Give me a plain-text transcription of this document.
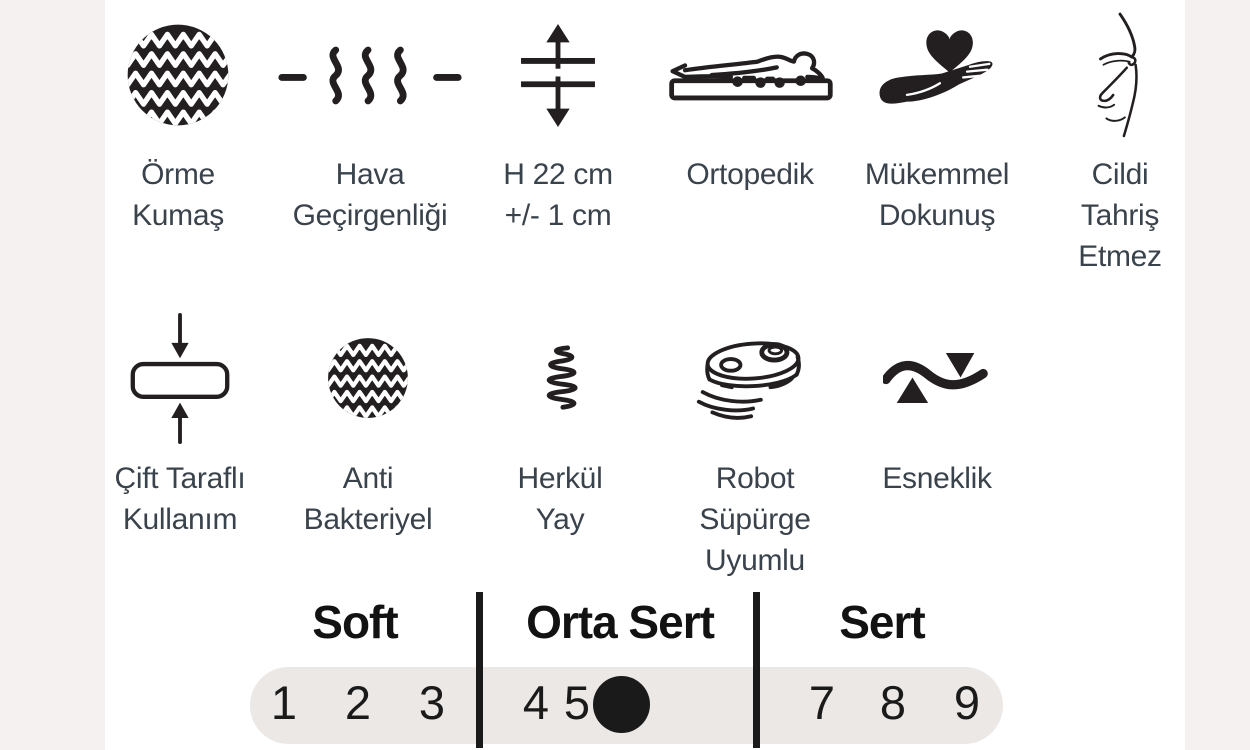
Örme
Kumaş
Hava
Geçirgenliği
H 22 cm
+/- 1 cm
Ortopedik	Mükemmel
Dokunuş
Cildi
Tahriş
Etmez
Çift Taraflı
Kullanım
Anti
Bakteriyel
Herkül
Yay
Robot
Süpürge
Uyumlu
Esneklik
Soft	Orta Sert	Sert
1	2	3	4 5	7 8	9
